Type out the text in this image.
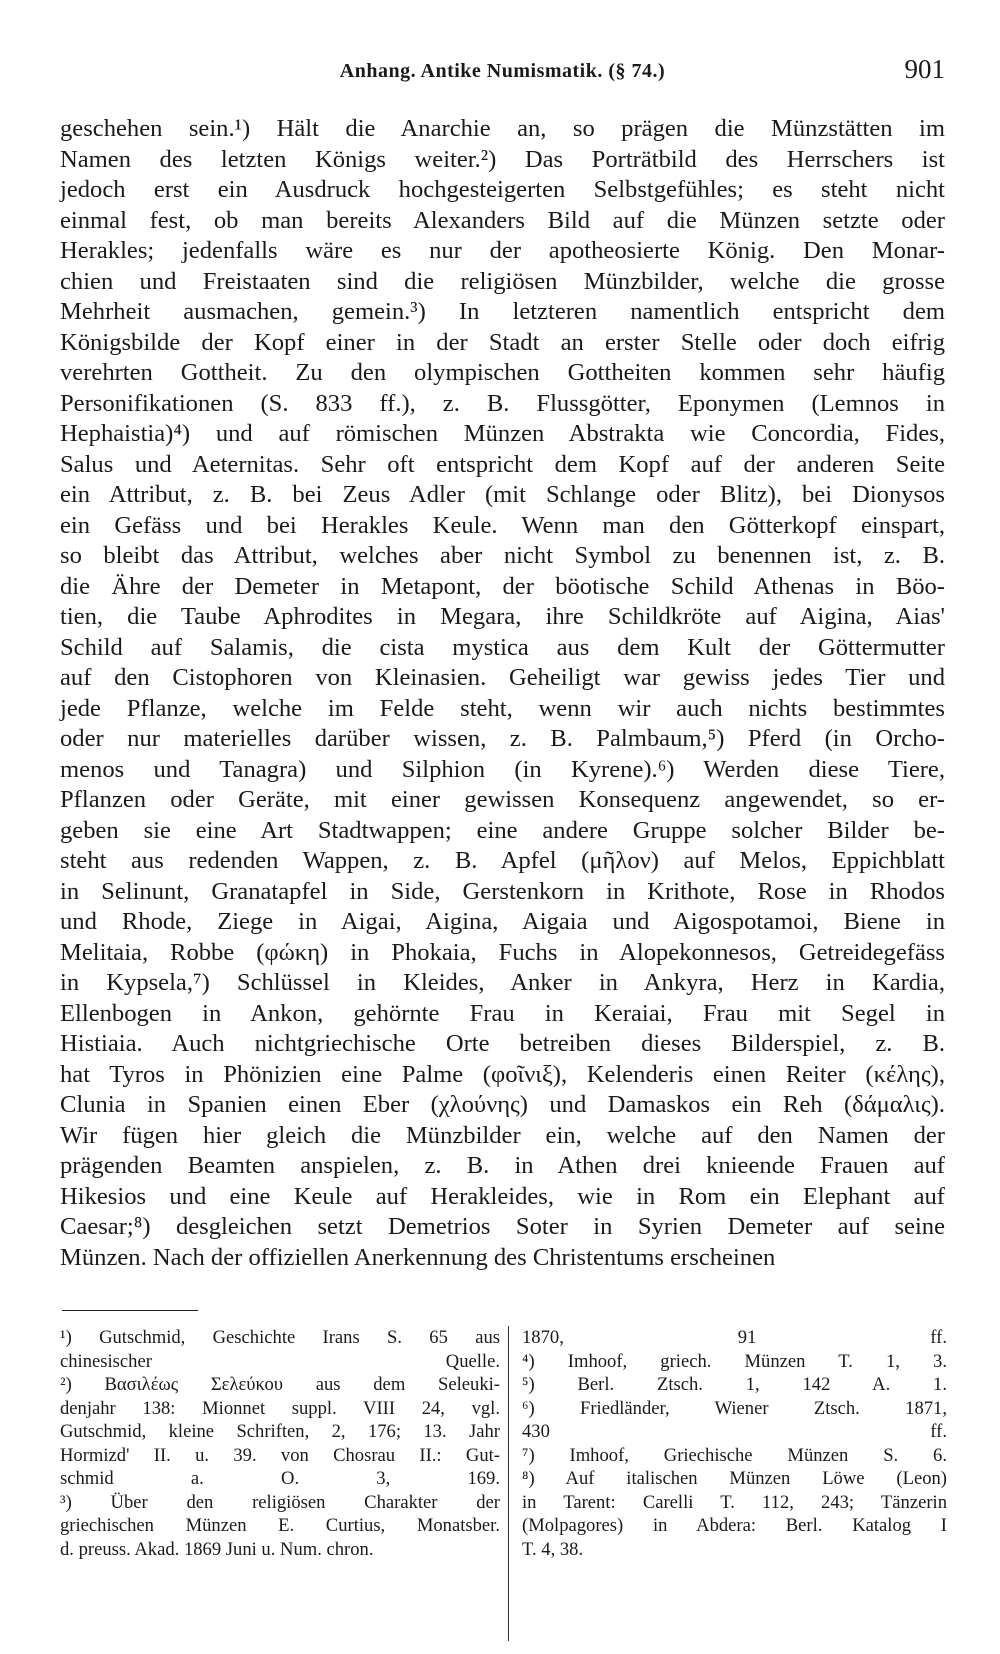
Anhang. Antike Numismatik. (§ 74.)	901
geschehen sein.¹) Hält die Anarchie an, so prägen die Münzstätten im
Namen des letzten Königs weiter.²) Das Porträtbild des Herrschers ist
jedoch erst ein Ausdruck hochgesteigerten Selbstgefühles; es steht nicht
einmal fest, ob man bereits Alexanders Bild auf die Münzen setzte oder
Herakles; jedenfalls wäre es nur der apotheosierte König. Den Monar-
chien und Freistaaten sind die religiösen Münzbilder, welche die grosse
Mehrheit ausmachen, gemein.³) In letzteren namentlich entspricht dem
Königsbilde der Kopf einer in der Stadt an erster Stelle oder doch eifrig
verehrten Gottheit. Zu den olympischen Gottheiten kommen sehr häufig
Personifikationen (S. 833 ff.), z. B. Flussgötter, Eponymen (Lemnos in
Hephaistia)⁴) und auf römischen Münzen Abstrakta wie Concordia, Fides,
Salus und Aeternitas. Sehr oft entspricht dem Kopf auf der anderen Seite
ein Attribut, z. B. bei Zeus Adler (mit Schlange oder Blitz), bei Dionysos
ein Gefäss und bei Herakles Keule. Wenn man den Götterkopf einspart,
so bleibt das Attribut, welches aber nicht Symbol zu benennen ist, z. B.
die Ähre der Demeter in Metapont, der böotische Schild Athenas in Böo-
tien, die Taube Aphrodites in Megara, ihre Schildkröte auf Aigina, Aias'
Schild auf Salamis, die cista mystica aus dem Kult der Göttermutter
auf den Cistophoren von Kleinasien. Geheiligt war gewiss jedes Tier und
jede Pflanze, welche im Felde steht, wenn wir auch nichts bestimmtes
oder nur materielles darüber wissen, z. B. Palmbaum,⁵) Pferd (in Orcho-
menos und Tanagra) und Silphion (in Kyrene).⁶) Werden diese Tiere,
Pflanzen oder Geräte, mit einer gewissen Konsequenz angewendet, so er-
geben sie eine Art Stadtwappen; eine andere Gruppe solcher Bilder be-
steht aus redenden Wappen, z. B. Apfel (μῆλον) auf Melos, Eppichblatt
in Selinunt, Granatapfel in Side, Gerstenkorn in Krithote, Rose in Rhodos
und Rhode, Ziege in Aigai, Aigina, Aigaia und Aigospotamoi, Biene in
Melitaia, Robbe (φώκη) in Phokaia, Fuchs in Alopekonnesos, Getreidegefäss
in Kypsela,⁷) Schlüssel in Kleides, Anker in Ankyra, Herz in Kardia,
Ellenbogen in Ankon, gehörnte Frau in Keraiai, Frau mit Segel in
Histiaia. Auch nichtgriechische Orte betreiben dieses Bilderspiel, z. B.
hat Tyros in Phönizien eine Palme (φοῖνιξ), Kelenderis einen Reiter (κέλης),
Clunia in Spanien einen Eber (χλούνης) und Damaskos ein Reh (δάμαλις).
Wir fügen hier gleich die Münzbilder ein, welche auf den Namen der
prägenden Beamten anspielen, z. B. in Athen drei knieende Frauen auf
Hikesios und eine Keule auf Herakleides, wie in Rom ein Elephant auf
Caesar;⁸) desgleichen setzt Demetrios Soter in Syrien Demeter auf seine
Münzen. Nach der offiziellen Anerkennung des Christentums erscheinen
¹) Gutschmid, Geschichte Irans S. 65 aus
chinesischer Quelle.
²) Βασιλέως Σελεύκου aus dem Seleuki-
denjahr 138: Mionnet suppl. VIII 24, vgl.
Gutschmid, kleine Schriften, 2, 176; 13. Jahr
Hormizd' II. u. 39. von Chosrau II.: Gut-
schmid a. O. 3, 169.
³) Über den religiösen Charakter der
griechischen Münzen E. Curtius, Monatsber.
d. preuss. Akad. 1869 Juni u. Num. chron.
1870, 91 ff.
⁴) Imhoof, griech. Münzen T. 1, 3.
⁵) Berl. Ztsch. 1, 142 A. 1.
⁶) Friedländer, Wiener Ztsch. 1871,
430 ff.
⁷) Imhoof, Griechische Münzen S. 6.
⁸) Auf italischen Münzen Löwe (Leon)
in Tarent: Carelli T. 112, 243; Tänzerin
(Molpagores) in Abdera: Berl. Katalog I
T. 4, 38.
